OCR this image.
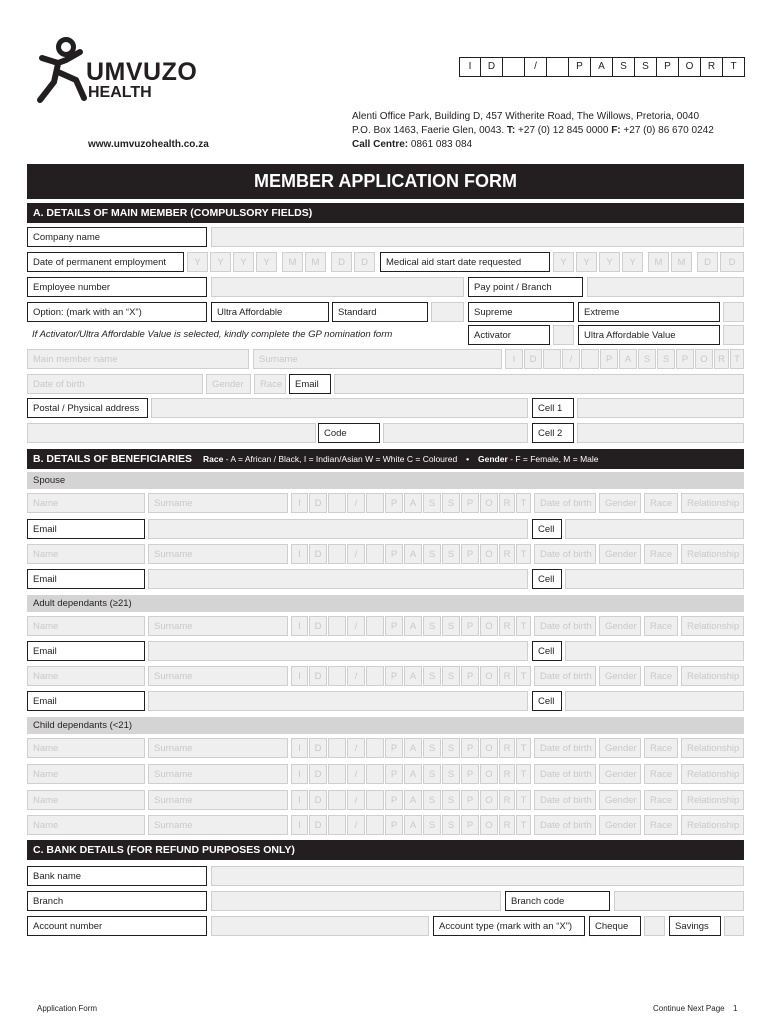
UMVUZO
HEALTH
www.umvuzohealth.co.za
I	D	/	P	A	S	S	P	O	R	T
Alenti Office Park, Building D, 457 Witherite Road, The Willows, Pretoria, 0040
P.O. Box 1463, Faerie Glen, 0043. T: +27 (0) 12 845 0000 F: +27 (0) 86 670 0242
Call Centre: 0861 083 084
MEMBER APPLICATION FORM
A. DETAILS OF MAIN MEMBER (COMPULSORY FIELDS)
Company name
Date of permanent employment	Y	Y	Y	Y	M	M	D	D	Medical aid start date requested	Y	Y	Y	Y	M	M	D	D
Employee number	Pay point / Branch
Option: (mark with an “X”)	Ultra Affordable	Standard	Supreme	Extreme
If Activator/Ultra Affordable Value is selected, kindly complete the GP nomination form	Activator	Ultra Affordable Value
Main member name	Surname	I	D	/	P	A	S	S	P	O	R T
Date of birth	Gender	Race	Email
Postal / Physical address	Cell 1
Code	Cell 2
B. DETAILS OF BENEFICIARIES Race - A = African / Black, I = Indian/Asian W = White C = Coloured • Gender - F = Female, M = Male
Spouse
Name	Surname	I	D	/	P	A	S	S	P	O	R	T	Date of birth	Gender	Race	Relationship
Email	Cell
Name	Surname	I	D	/	P	A	S	S	P	O	R	T	Date of birth	Gender	Race	Relationship
Email	Cell
Adult dependants (≥21)
Name	Surname	I	D	/	P	A	S	S	P	O	R	T	Date of birth	Gender	Race	Relationship
Email	Cell
Name	Surname	I	D	/	P	A	S	S	P	O	R	T	Date of birth	Gender	Race	Relationship
Email	Cell
Child dependants (<21)
Name	Surname	I	D	/	P	A	S	S	P	O	R	T	Date of birth	Gender	Race	Relationship
Name	Surname	I	D	/	P	A	S	S	P	O	R	T	Date of birth	Gender	Race	Relationship
Name	Surname	I	D	/	P	A	S	S	P	O	R	T	Date of birth	Gender	Race	Relationship
Name	Surname	I	D	/	P	A	S	S	P	O	R	T	Date of birth	Gender	Race	Relationship
C. BANK DETAILS (FOR REFUND PURPOSES ONLY)
Bank name
Branch	Branch code
Account number	Account type (mark with an “X”)	Cheque	Savings
Application Form	Continue Next Page 1
